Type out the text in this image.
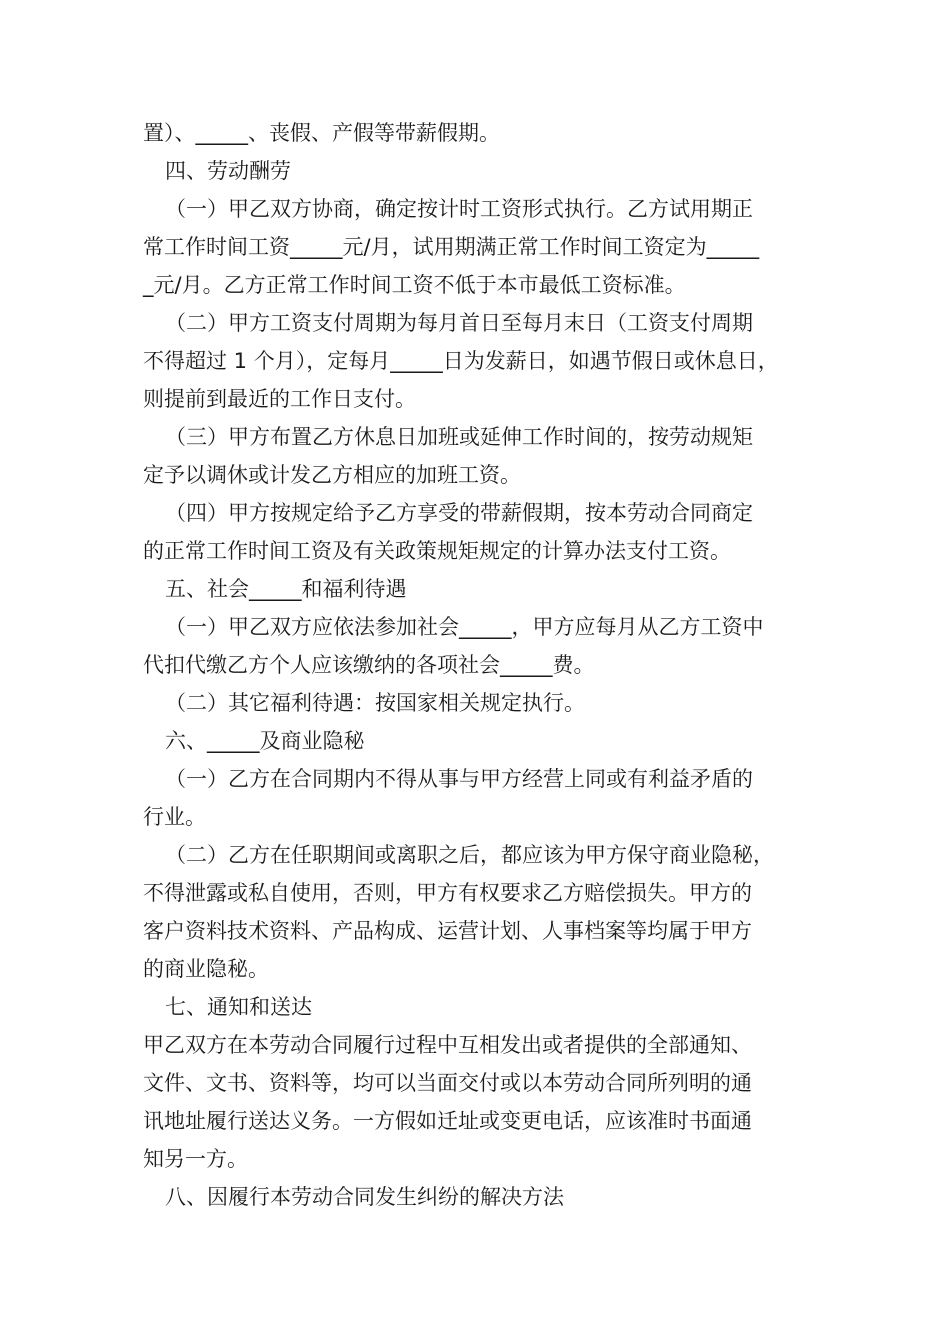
置）、_____、丧假、产假等带薪假期。
四、劳动酬劳
（一）甲乙双方协商，确定按计时工资形式执行。乙方试用期正
常工作时间工资_____元/月，试用期满正常工作时间工资定为_____
_元/月。乙方正常工作时间工资不低于本市最低工资标准。
（二）甲方工资支付周期为每月首日至每月末日（工资支付周期
不得超过 1 个月），定每月_____日为发薪日，如遇节假日或休息日，
则提前到最近的工作日支付。
（三）甲方布置乙方休息日加班或延伸工作时间的，按劳动规矩
定予以调休或计发乙方相应的加班工资。
（四）甲方按规定给予乙方享受的带薪假期，按本劳动合同商定
的正常工作时间工资及有关政策规矩规定的计算办法支付工资。
五、社会_____和福利待遇
（一）甲乙双方应依法参加社会_____，甲方应每月从乙方工资中
代扣代缴乙方个人应该缴纳的各项社会_____费。
（二）其它福利待遇：按国家相关规定执行。
六、_____及商业隐秘
（一）乙方在合同期内不得从事与甲方经营上同或有利益矛盾的
行业。
（二）乙方在任职期间或离职之后，都应该为甲方保守商业隐秘，
不得泄露或私自使用，否则，甲方有权要求乙方赔偿损失。甲方的
客户资料技术资料、产品构成、运营计划、人事档案等均属于甲方
的商业隐秘。
七、通知和送达
甲乙双方在本劳动合同履行过程中互相发出或者提供的全部通知、
文件、文书、资料等，均可以当面交付或以本劳动合同所列明的通
讯地址履行送达义务。一方假如迁址或变更电话，应该准时书面通
知另一方。
八、因履行本劳动合同发生纠纷的解决方法
